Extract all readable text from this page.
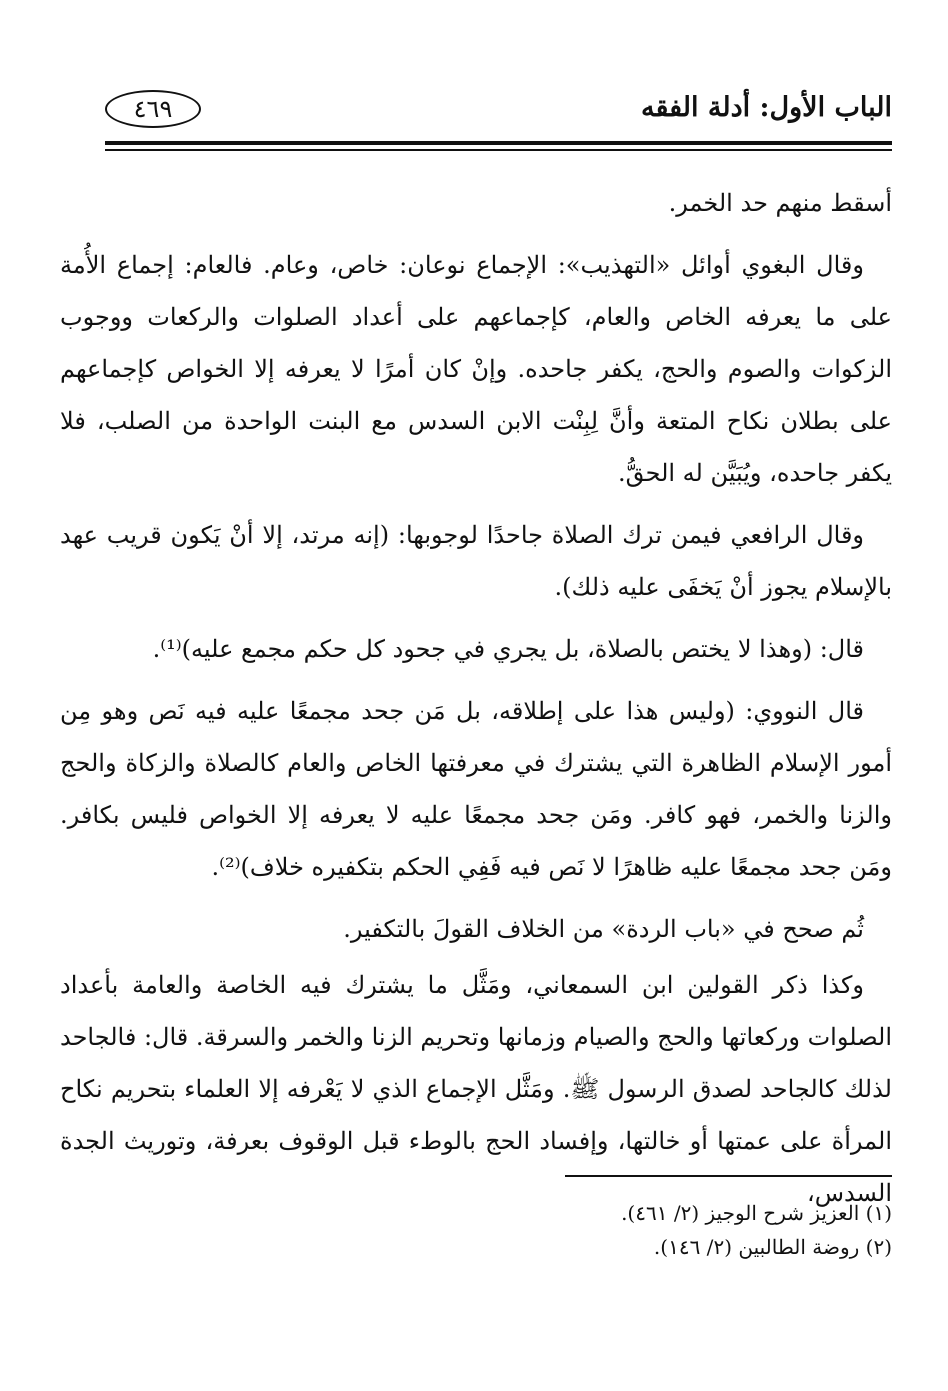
الباب الأول: أدلة الفقه
٤٦٩

أسقط منهم حد الخمر.

وقال البغوي أوائل «التهذيب»: الإجماع نوعان: خاص، وعام. فالعام: إجماع الأُمة على ما يعرفه الخاص والعام، كإجماعهم على أعداد الصلوات والركعات ووجوب الزكوات والصوم والحج، يكفر جاحده. وإنْ كان أمرًا لا يعرفه إلا الخواص كإجماعهم على بطلان نكاح المتعة وأنَّ لِبِنْت الابن السدس مع البنت الواحدة من الصلب، فلا يكفر جاحده، ويُبَيَّن له الحقُّ.

وقال الرافعي فيمن ترك الصلاة جاحدًا لوجوبها: (إنه مرتد، إلا أنْ يَكون قريب عهد بالإسلام يجوز أنْ يَخفَى عليه ذلك).

قال: (وهذا لا يختص بالصلاة، بل يجري في جحود كل حكم مجمع عليه)⁽¹⁾.

قال النووي: (وليس هذا على إطلاقه، بل مَن جحد مجمعًا عليه فيه نَص وهو مِن أمور الإسلام الظاهرة التي يشترك في معرفتها الخاص والعام كالصلاة والزكاة والحج والزنا والخمر، فهو كافر. ومَن جحد مجمعًا عليه لا يعرفه إلا الخواص فليس بكافر. ومَن جحد مجمعًا عليه ظاهرًا لا نَص فيه فَفِي الحكم بتكفيره خلاف)⁽²⁾.

ثُم صحح في «باب الردة» من الخلاف القولَ بالتكفير.

وكذا ذكر القولين ابن السمعاني، ومَثَّل ما يشترك فيه الخاصة والعامة بأعداد الصلوات وركعاتها والحج والصيام وزمانها وتحريم الزنا والخمر والسرقة. قال: فالجاحد لذلك كالجاحد لصدق الرسول ﷺ. ومَثَّل الإجماع الذي لا يَعْرفه إلا العلماء بتحريم نكاح المرأة على عمتها أو خالتها، وإفساد الحج بالوطء قبل الوقوف بعرفة، وتوريث الجدة السدس،

(١) العزيز شرح الوجيز (٢/ ٤٦١).

(٢) روضة الطالبين (٢/ ١٤٦).
